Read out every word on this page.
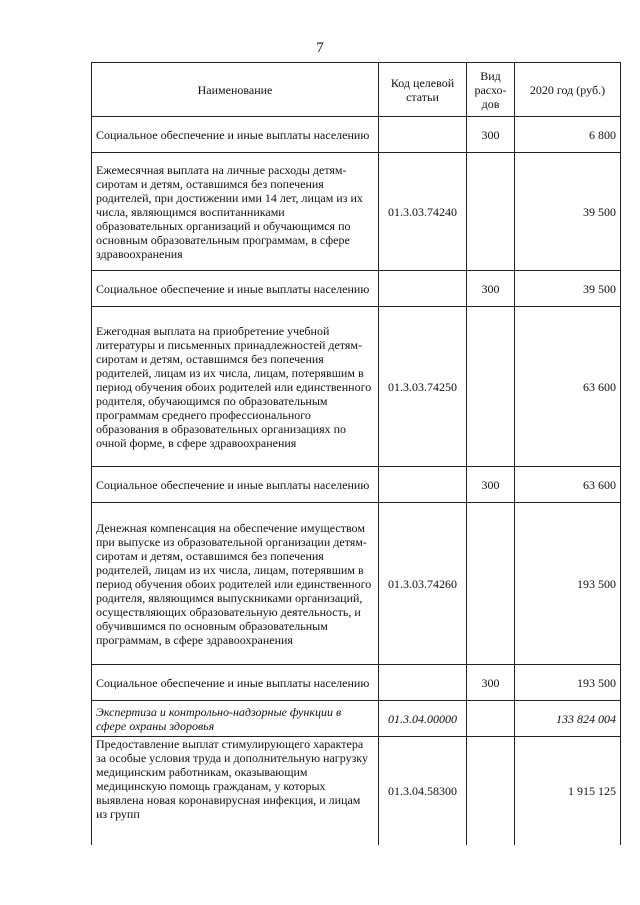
7
Наименование	Код целевой статьи	Вид расхо-дов	2020 год (руб.)
Социальное обеспечение и иные выплаты населению		300	6 800
Ежемесячная выплата на личные расходы детям-сиротам и детям, оставшимся без попечения родителей, при достижении ими 14 лет, лицам из их числа, являющимся воспитанниками образовательных организаций и обучающимся по основным образовательным программам, в сфере здравоохранения	01.3.03.74240		39 500
Социальное обеспечение и иные выплаты населению		300	39 500
Ежегодная выплата на приобретение учебной литературы и письменных принадлежностей детям-сиротам и детям, оставшимся без попечения родителей, лицам из их числа, лицам, потерявшим в период обучения обоих родителей или единственного родителя, обучающимся по образовательным программам среднего профессионального образования в образовательных организациях по очной форме, в сфере здравоохранения	01.3.03.74250		63 600
Социальное обеспечение и иные выплаты населению		300	63 600
Денежная компенсация на обеспечение имуществом при выпуске из образовательной организации детям-сиротам и детям, оставшимся без попечения родителей, лицам из их числа, лицам, потерявшим в период обучения обоих родителей или единственного родителя, являющимся выпускниками организаций, осуществляющих образовательную деятельность, и обучившимся по основным образовательным программам, в сфере здравоохранения	01.3.03.74260		193 500
Социальное обеспечение и иные выплаты населению		300	193 500
Экспертиза и контрольно-надзорные функции в сфере охраны здоровья	01.3.04.00000		133 824 004
Предоставление выплат стимулирующего характера за особые условия труда и дополнительную нагрузку медицинским работникам, оказывающим медицинскую помощь гражданам, у которых выявлена новая коронавирусная инфекция, и лицам из групп	01.3.04.58300		1 915 125
